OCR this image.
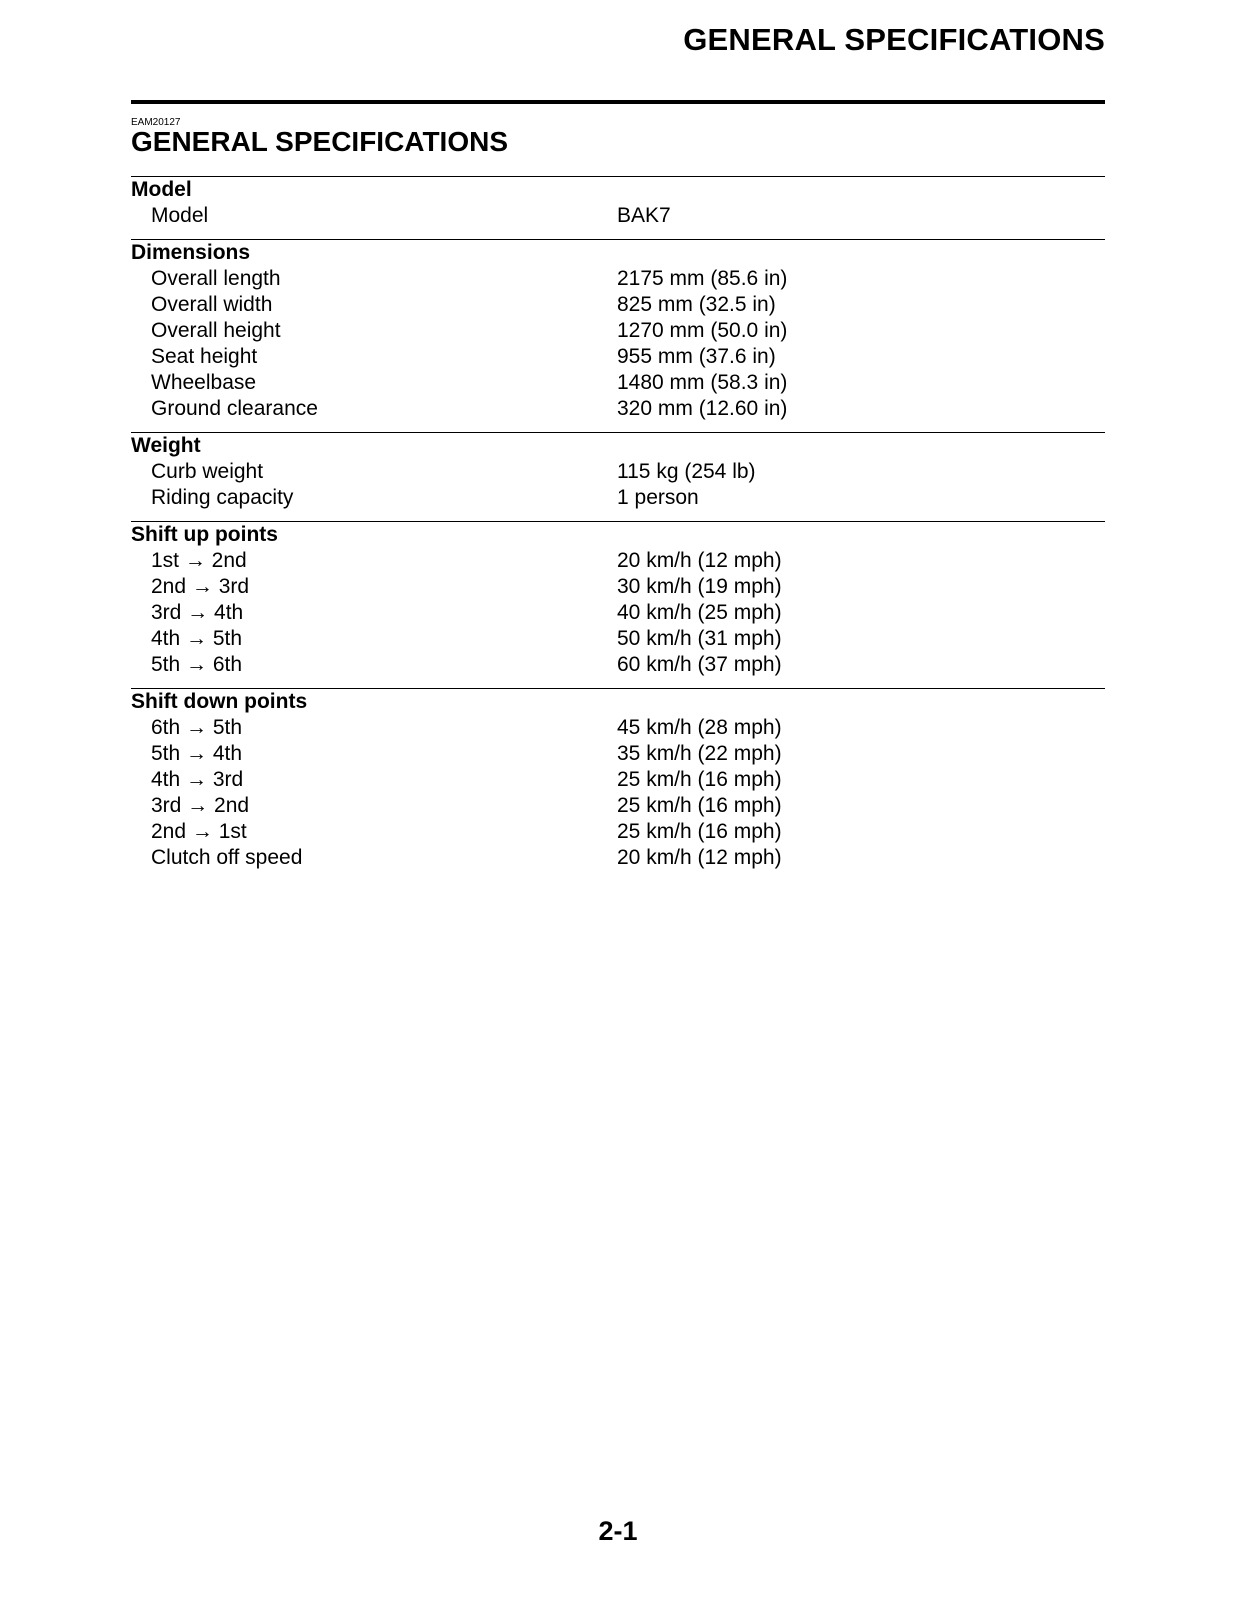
GENERAL SPECIFICATIONS
EAM20127
GENERAL SPECIFICATIONS
Model
Model	BAK7
Dimensions
Overall length	2175 mm (85.6 in)
Overall width	825 mm (32.5 in)
Overall height	1270 mm (50.0 in)
Seat height	955 mm (37.6 in)
Wheelbase	1480 mm (58.3 in)
Ground clearance	320 mm (12.60 in)
Weight
Curb weight	115 kg (254 lb)
Riding capacity	1 person
Shift up points
1st → 2nd	20 km/h (12 mph)
2nd → 3rd	30 km/h (19 mph)
3rd → 4th	40 km/h (25 mph)
4th → 5th	50 km/h (31 mph)
5th → 6th	60 km/h (37 mph)
Shift down points
6th → 5th	45 km/h (28 mph)
5th → 4th	35 km/h (22 mph)
4th → 3rd	25 km/h (16 mph)
3rd → 2nd	25 km/h (16 mph)
2nd → 1st	25 km/h (16 mph)
Clutch off speed	20 km/h (12 mph)
2-1
